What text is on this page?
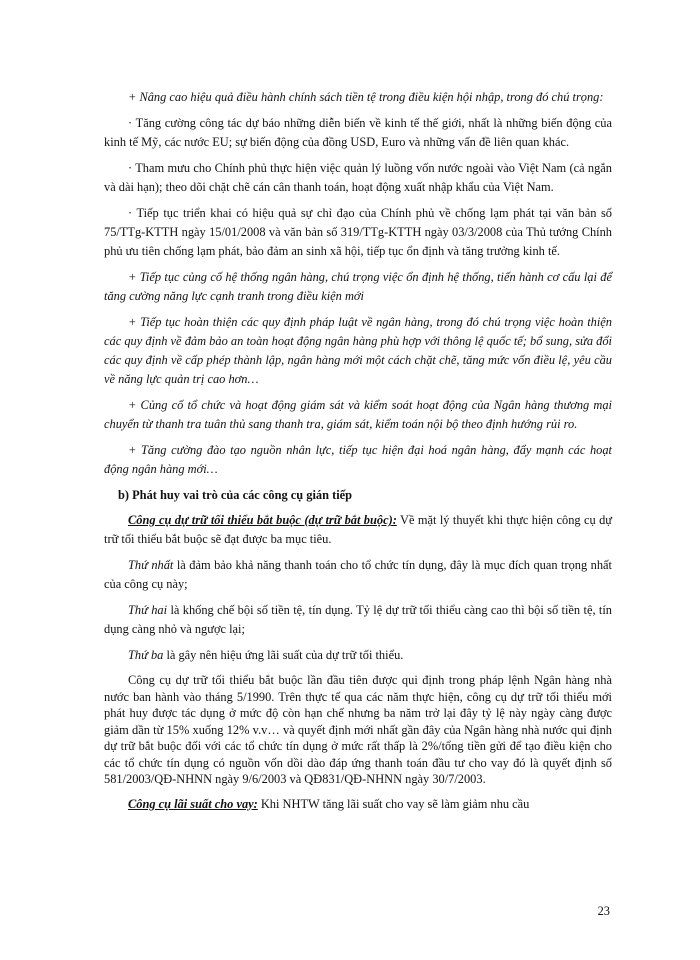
+ Nâng cao hiệu quả điều hành chính sách tiền tệ trong điều kiện hội nhập, trong đó chú trọng:

· Tăng cường công tác dự báo những diễn biến về kinh tế thế giới, nhất là những biến động của kinh tế Mỹ, các nước EU; sự biến động của đồng USD, Euro và những vấn đề liên quan khác.

· Tham mưu cho Chính phủ thực hiện việc quản lý luồng vốn nước ngoài vào Việt Nam (cả ngắn và dài hạn); theo dõi chặt chẽ cán cân thanh toán, hoạt động xuất nhập khẩu của Việt Nam.

· Tiếp tục triển khai có hiệu quả sự chỉ đạo của Chính phủ về chống lạm phát tại văn bản số 75/TTg-KTTH ngày 15/01/2008 và văn bản số 319/TTg-KTTH ngày 03/3/2008 của Thủ tướng Chính phủ ưu tiên chống lạm phát, bảo đảm an sinh xã hội, tiếp tục ổn định và tăng trưởng kinh tế.

+ Tiếp tục củng cố hệ thống ngân hàng, chú trọng việc ổn định hệ thống, tiến hành cơ cấu lại để tăng cường năng lực cạnh tranh trong điều kiện mới

+ Tiếp tục hoàn thiện các quy định pháp luật về ngân hàng, trong đó chú trọng việc hoàn thiện các quy định về đảm bảo an toàn hoạt động ngân hàng phù hợp với thông lệ quốc tế; bổ sung, sửa đổi các quy định về cấp phép thành lập, ngân hàng mới một cách chặt chẽ, tăng mức vốn điều lệ, yêu cầu về năng lực quản trị cao hơn…

+ Củng cố tổ chức và hoạt động giám sát và kiểm soát hoạt động của Ngân hàng thương mại chuyển từ thanh tra tuân thủ sang thanh tra, giám sát, kiểm toán nội bộ theo định hướng rủi ro.

+ Tăng cường đào tạo nguồn nhân lực, tiếp tục hiện đại hoá ngân hàng, đẩy mạnh các hoạt động ngân hàng mới…

b) Phát huy vai trò của các công cụ gián tiếp

Công cụ dự trữ tối thiểu bắt buộc (dự trữ bắt buộc): Về mặt lý thuyết khi thực hiện công cụ dự trữ tối thiểu bắt buộc sẽ đạt được ba mục tiêu.

Thứ nhất là đảm bảo khả năng thanh toán cho tổ chức tín dụng, đây là mục đích quan trọng nhất của công cụ này;

Thứ hai là khống chế bội số tiền tệ, tín dụng. Tỷ lệ dự trữ tối thiểu càng cao thì bội số tiền tệ, tín dụng càng nhỏ và ngược lại;

Thứ ba là gây nên hiệu ứng lãi suất của dự trữ tối thiểu.

Công cụ dự trữ tối thiểu bắt buộc lần đầu tiên được qui định trong pháp lệnh Ngân hàng nhà nước ban hành vào tháng 5/1990. Trên thực tế qua các năm thực hiện, công cụ dự trữ tối thiểu mới phát huy được tác dụng ở mức độ còn hạn chế nhưng ba năm trở lại đây tỷ lệ này ngày càng được giảm dần từ 15% xuống 12% v.v… và quyết định mới nhất gần đây của Ngân hàng nhà nước qui định dự trữ bắt buộc đối với các tổ chức tín dụng ở mức rất thấp là 2%/tổng tiền gửi để tạo điều kiện cho các tổ chức tín dụng có nguồn vốn dồi dào đáp ứng thanh toán đầu tư cho vay đó là quyết định số 581/2003/QĐ-NHNN ngày 9/6/2003 và QĐ831/QĐ-NHNN ngày 30/7/2003.

Công cụ lãi suất cho vay: Khi NHTW tăng lãi suất cho vay sẽ làm giảm nhu cầu

23
